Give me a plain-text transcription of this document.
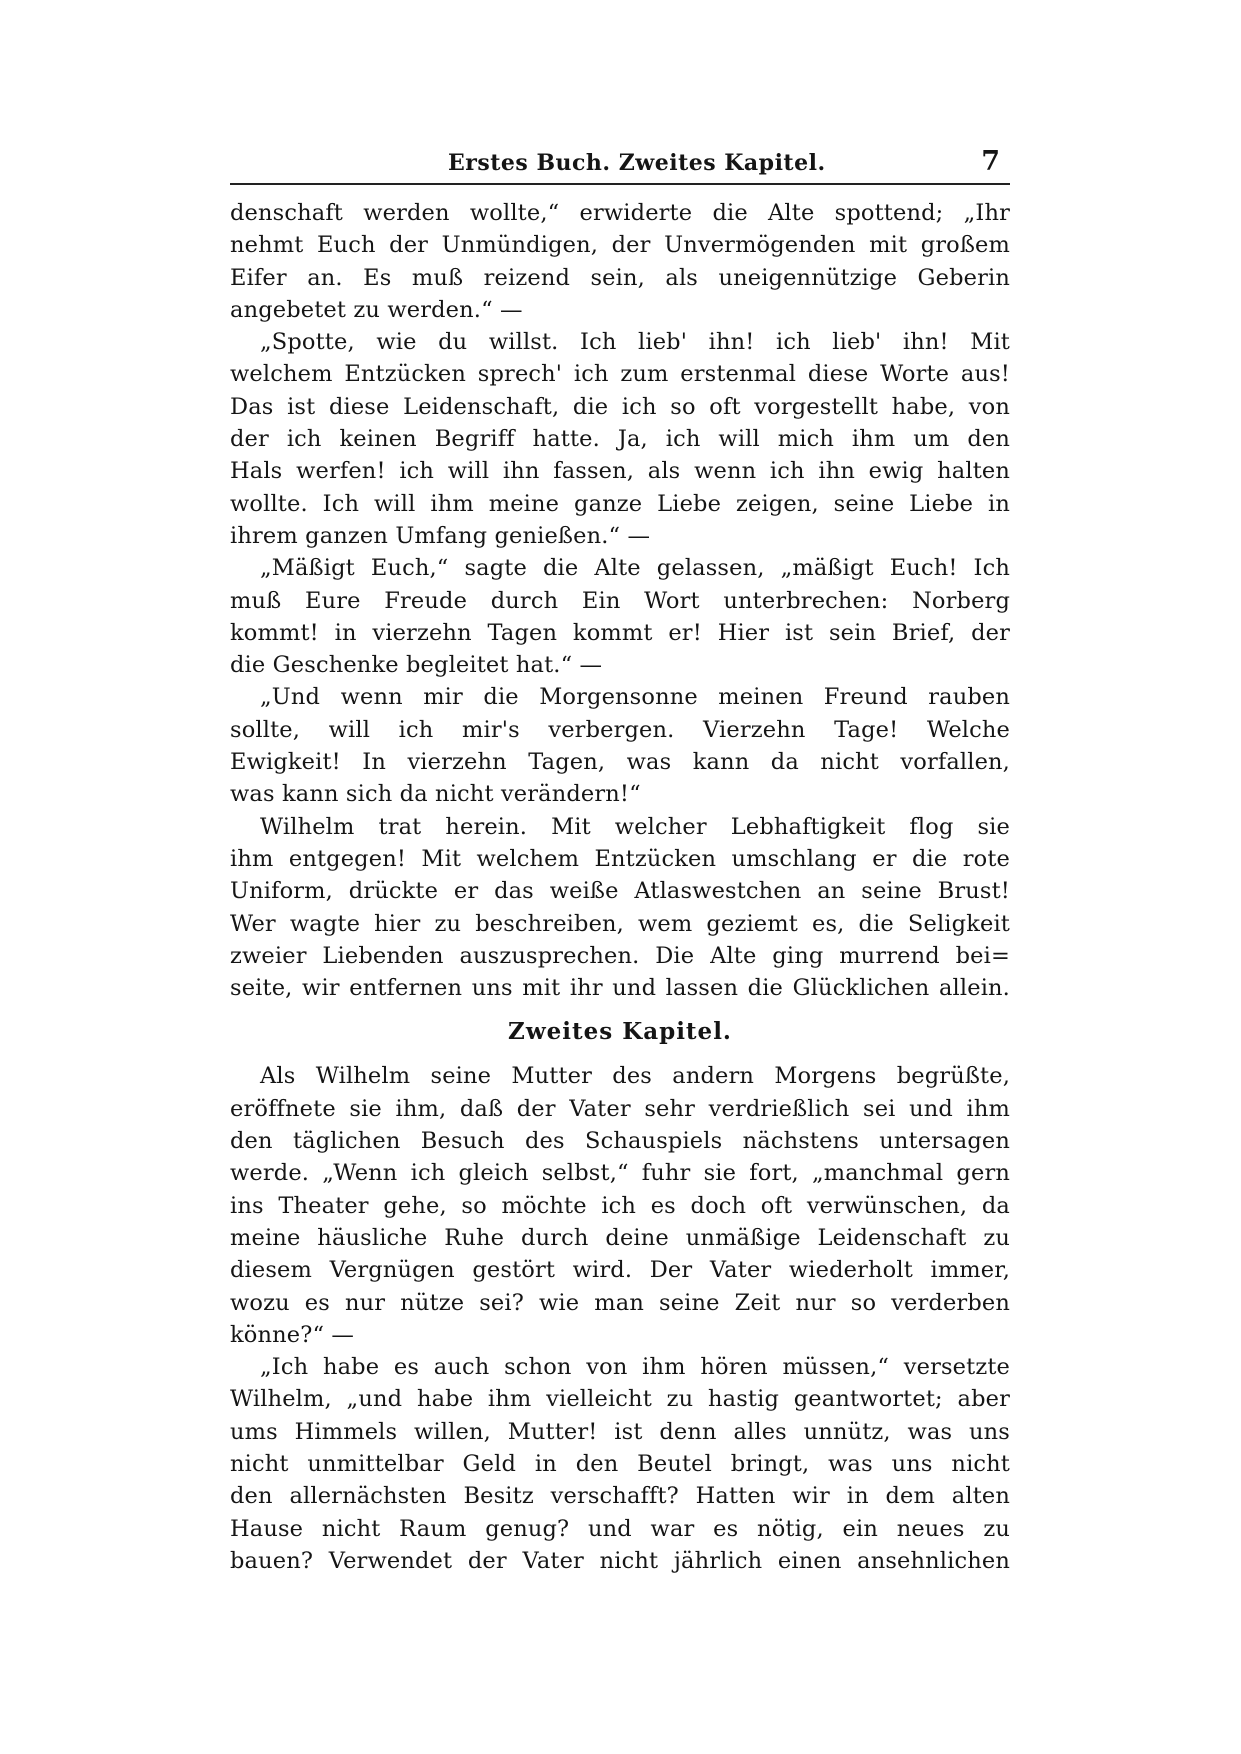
Erstes Buch. Zweites Kapitel.	7
denschaft werden wollte,“ erwiderte die Alte spottend; „Ihr
nehmt Euch der Unmündigen, der Unvermögenden mit großem
Eifer an. Es muß reizend sein, als uneigennützige Geberin
angebetet zu werden.“ —
„Spotte, wie du willst. Ich lieb' ihn! ich lieb' ihn! Mit
welchem Entzücken sprech' ich zum erstenmal diese Worte aus!
Das ist diese Leidenschaft, die ich so oft vorgestellt habe, von
der ich keinen Begriff hatte. Ja, ich will mich ihm um den
Hals werfen! ich will ihn fassen, als wenn ich ihn ewig halten
wollte. Ich will ihm meine ganze Liebe zeigen, seine Liebe in
ihrem ganzen Umfang genießen.“ —
„Mäßigt Euch,“ sagte die Alte gelassen, „mäßigt Euch! Ich
muß Eure Freude durch Ein Wort unterbrechen: Norberg
kommt! in vierzehn Tagen kommt er! Hier ist sein Brief, der
die Geschenke begleitet hat.“ —
„Und wenn mir die Morgensonne meinen Freund rauben
sollte, will ich mir's verbergen. Vierzehn Tage! Welche
Ewigkeit! In vierzehn Tagen, was kann da nicht vorfallen,
was kann sich da nicht verändern!“
Wilhelm trat herein. Mit welcher Lebhaftigkeit flog sie
ihm entgegen! Mit welchem Entzücken umschlang er die rote
Uniform, drückte er das weiße Atlaswestchen an seine Brust!
Wer wagte hier zu beschreiben, wem geziemt es, die Seligkeit
zweier Liebenden auszusprechen. Die Alte ging murrend bei=
seite, wir entfernen uns mit ihr und lassen die Glücklichen allein.
Zweites Kapitel.
Als Wilhelm seine Mutter des andern Morgens begrüßte,
eröffnete sie ihm, daß der Vater sehr verdrießlich sei und ihm
den täglichen Besuch des Schauspiels nächstens untersagen
werde. „Wenn ich gleich selbst,“ fuhr sie fort, „manchmal gern
ins Theater gehe, so möchte ich es doch oft verwünschen, da
meine häusliche Ruhe durch deine unmäßige Leidenschaft zu
diesem Vergnügen gestört wird. Der Vater wiederholt immer,
wozu es nur nütze sei? wie man seine Zeit nur so verderben
könne?“ —
„Ich habe es auch schon von ihm hören müssen,“ versetzte
Wilhelm, „und habe ihm vielleicht zu hastig geantwortet; aber
ums Himmels willen, Mutter! ist denn alles unnütz, was uns
nicht unmittelbar Geld in den Beutel bringt, was uns nicht
den allernächsten Besitz verschafft? Hatten wir in dem alten
Hause nicht Raum genug? und war es nötig, ein neues zu
bauen? Verwendet der Vater nicht jährlich einen ansehnlichen
